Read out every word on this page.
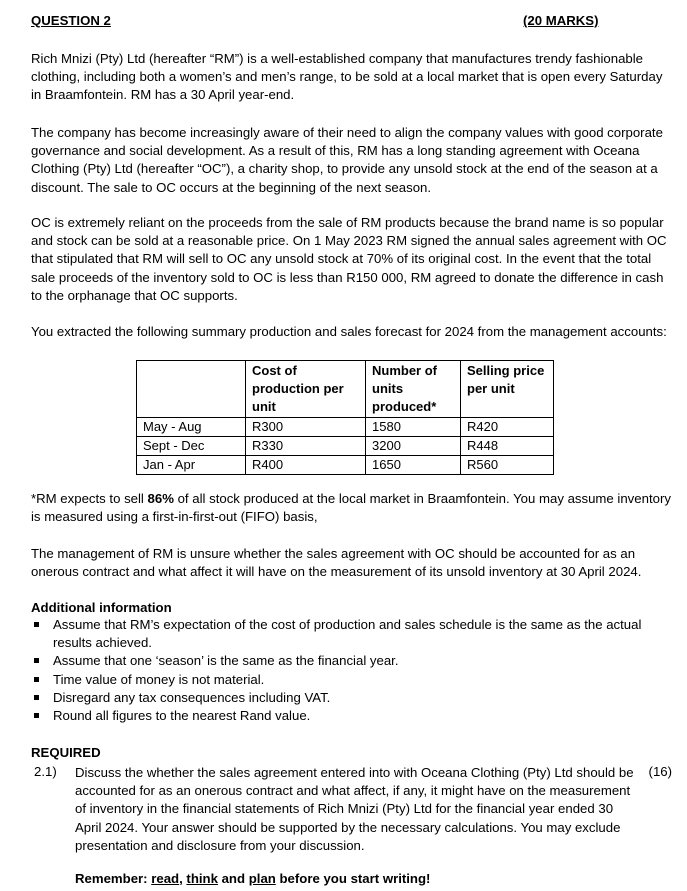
QUESTION 2	(20 MARKS)

Rich Mnizi (Pty) Ltd (hereafter “RM”) is a well-established company that manufactures trendy fashionable clothing, including both a women’s and men’s range, to be sold at a local market that is open every Saturday in Braamfontein. RM has a 30 April year-end.

The company has become increasingly aware of their need to align the company values with good corporate governance and social development. As a result of this, RM has a long standing agreement with Oceana Clothing (Pty) Ltd (hereafter “OC”), a charity shop, to provide any unsold stock at the end of the season at a discount. The sale to OC occurs at the beginning of the next season.

OC is extremely reliant on the proceeds from the sale of RM products because the brand name is so popular and stock can be sold at a reasonable price. On 1 May 2023 RM signed the annual sales agreement with OC that stipulated that RM will sell to OC any unsold stock at 70% of its original cost. In the event that the total sale proceeds of the inventory sold to OC is less than R150 000, RM agreed to donate the difference in cash to the orphanage that OC supports.

You extracted the following summary production and sales forecast for 2024 from the management accounts:

	Cost of production per unit	Number of units produced*	Selling price per unit
May - Aug	R300	1580	R420
Sept - Dec	R330	3200	R448
Jan - Apr	R400	1650	R560

*RM expects to sell 86% of all stock produced at the local market in Braamfontein. You may assume inventory is measured using a first-in-first-out (FIFO) basis,

The management of RM is unsure whether the sales agreement with OC should be accounted for as an onerous contract and what affect it will have on the measurement of its unsold inventory at 30 April 2024.

Additional information
Assume that RM’s expectation of the cost of production and sales schedule is the same as the actual results achieved.
Assume that one ‘season’ is the same as the financial year.
Time value of money is not material.
Disregard any tax consequences including VAT.
Round all figures to the nearest Rand value.
REQUIRED
2.1) Discuss the whether the sales agreement entered into with Oceana Clothing (Pty) Ltd should be accounted for as an onerous contract and what affect, if any, it might have on the measurement of inventory in the financial statements of Rich Mnizi (Pty) Ltd for the financial year ended 30 April 2024. Your answer should be supported by the necessary calculations. You may exclude presentation and disclosure from your discussion.
(16)
Remember: read, think and plan before you start writing!
